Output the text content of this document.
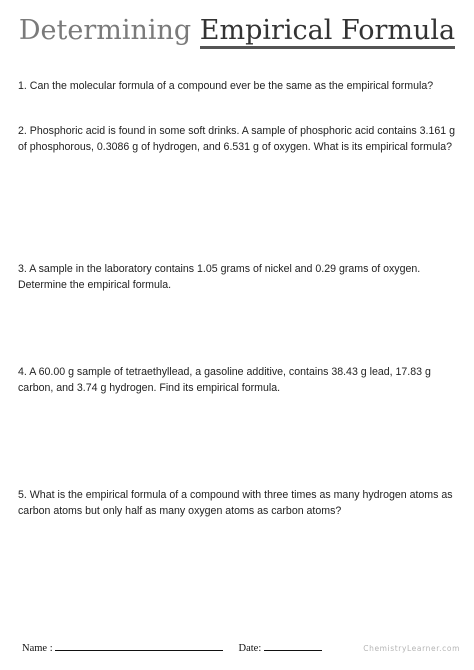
Determining Empirical Formula
1. Can the molecular formula of a compound ever be the same as the empirical formula?
2. Phosphoric acid is found in some soft drinks. A sample of phosphoric acid contains 3.161 g of phosphorous, 0.3086 g of hydrogen, and 6.531 g of oxygen. What is its empirical formula?
3. A sample in the laboratory contains 1.05 grams of nickel and 0.29 grams of oxygen. Determine the empirical formula.
4. A 60.00 g sample of tetraethyllead, a gasoline additive, contains 38.43 g lead, 17.83 g carbon, and 3.74 g hydrogen. Find its empirical formula.
5. What is the empirical formula of a compound with three times as many hydrogen atoms as carbon atoms but only half as many oxygen atoms as carbon atoms?
Name :	Date:	ChemistryLearner.com
